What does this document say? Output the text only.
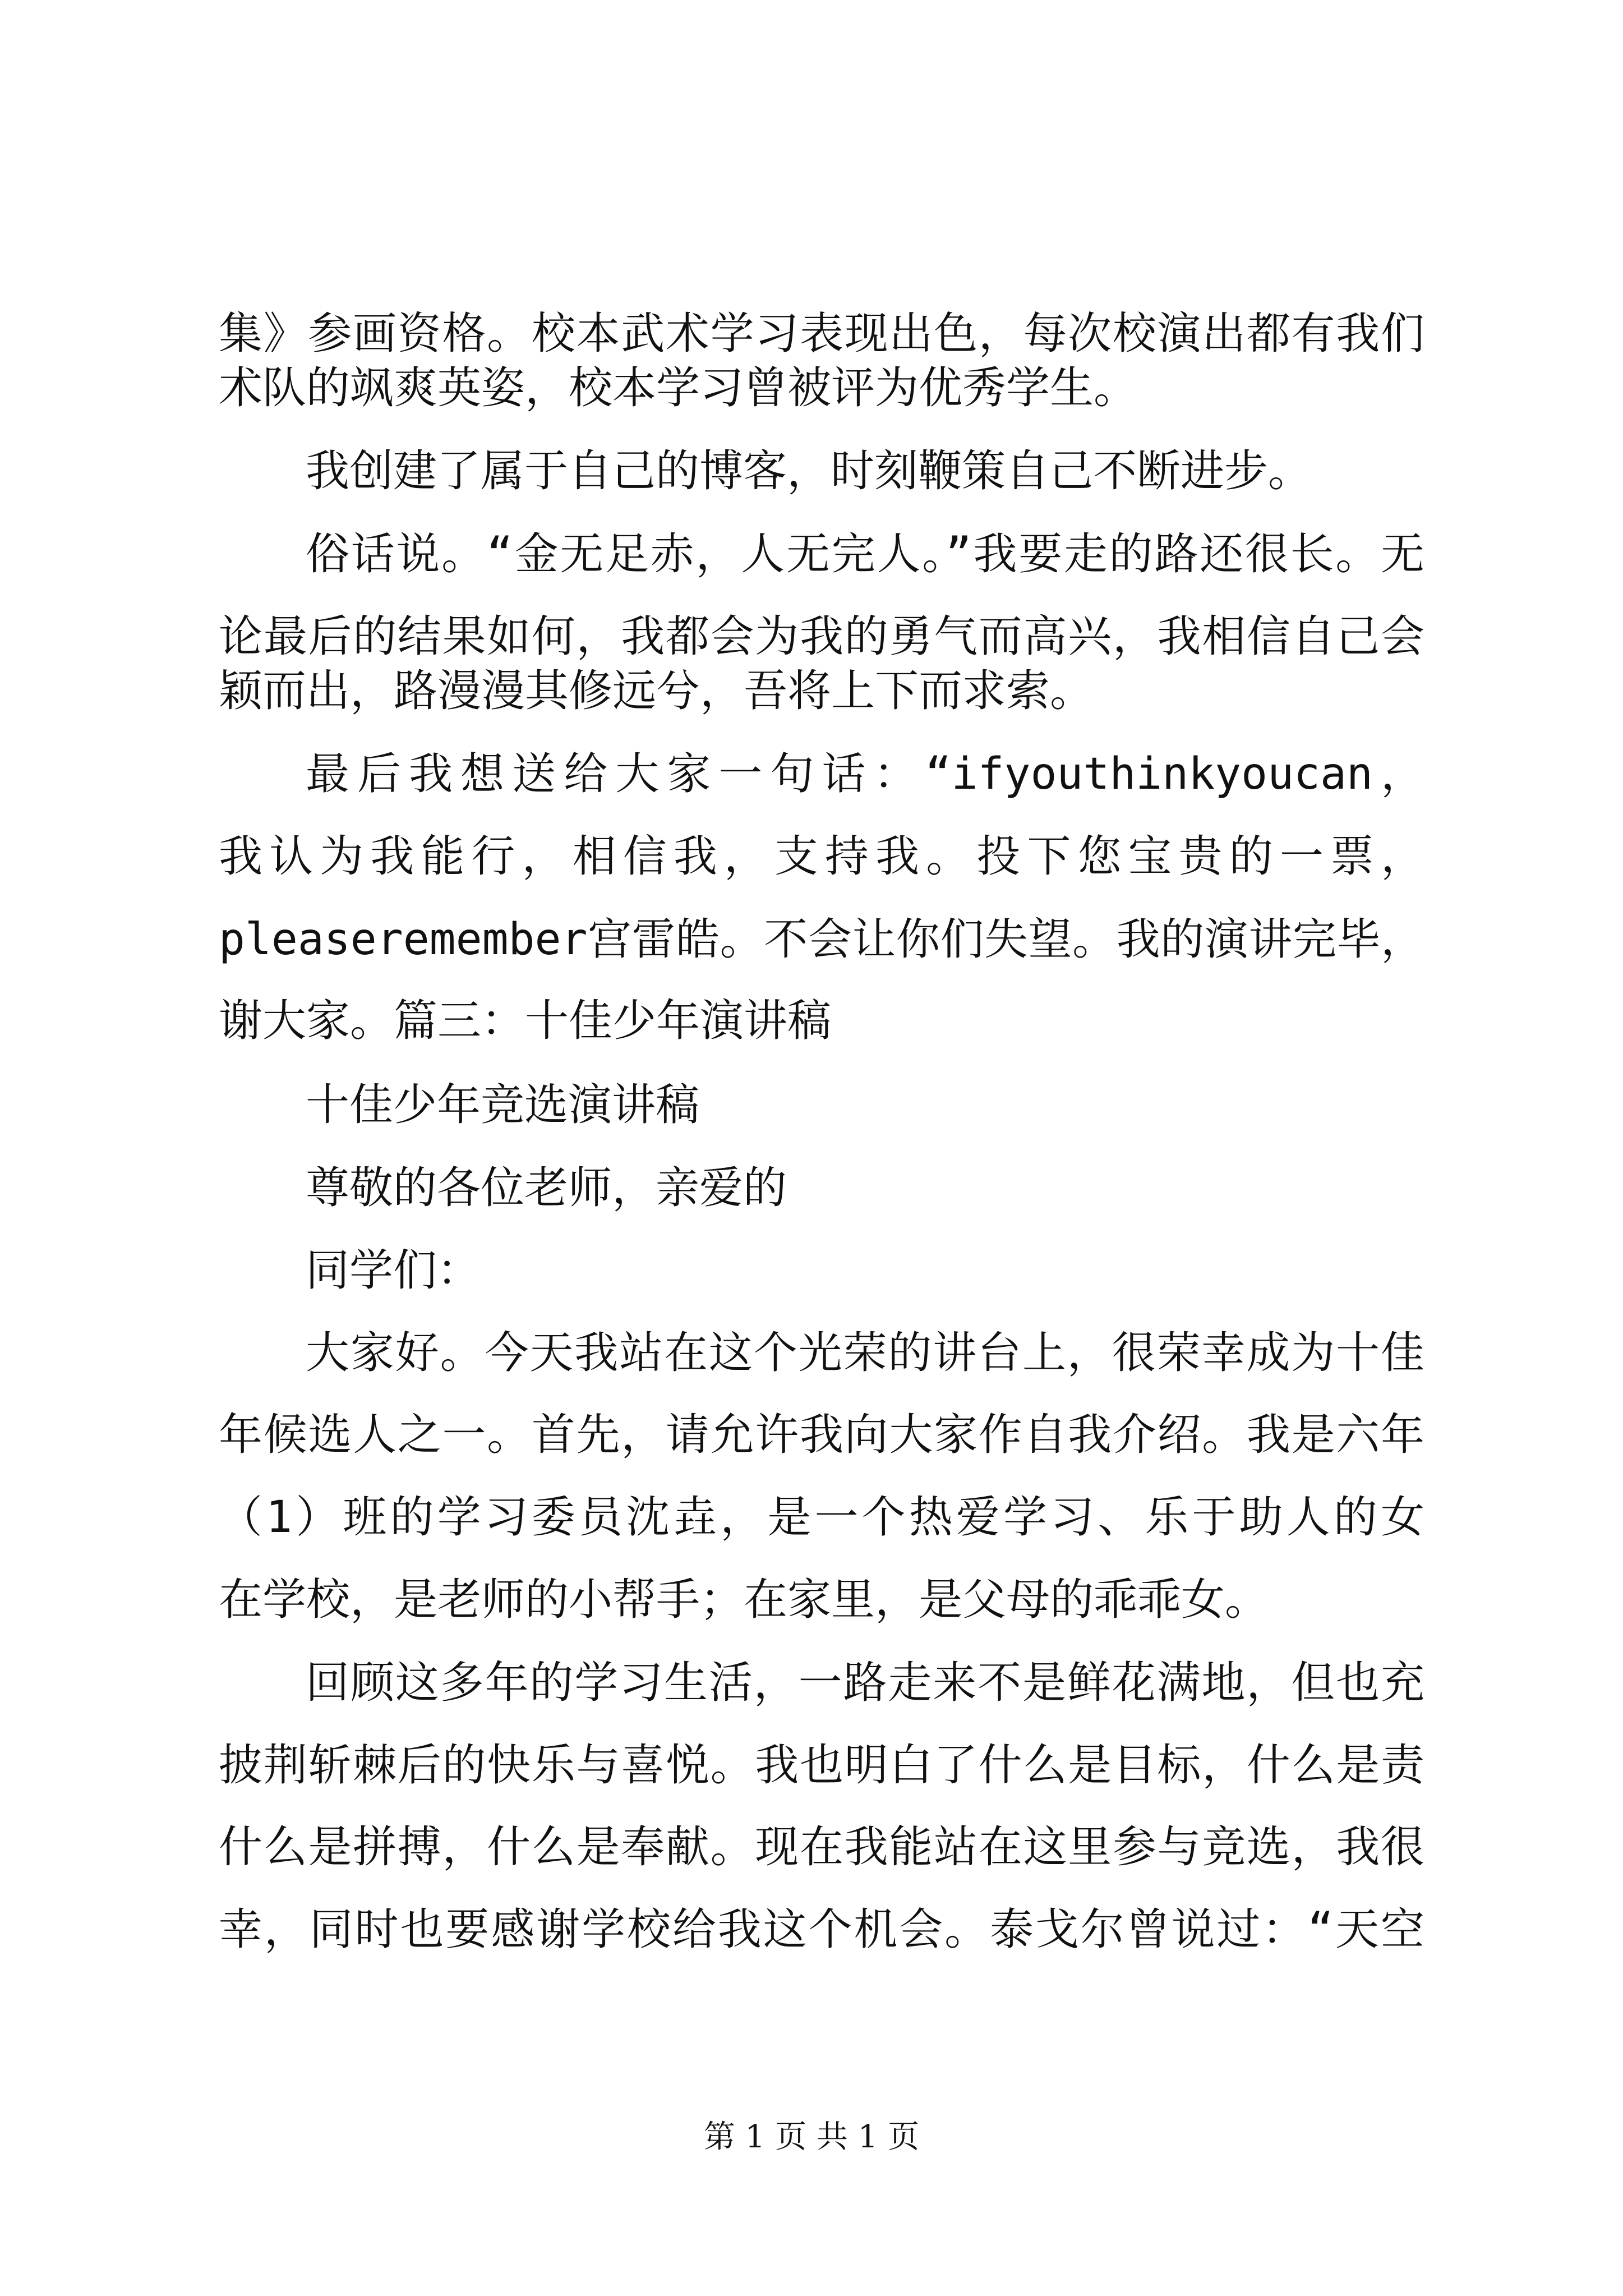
集》参画资格。校本武术学习表现出色，每次校演出都有我们

术队的飒爽英姿，校本学习曾被评为优秀学生。

我创建了属于自己的博客，时刻鞭策自己不断进步。

俗话说。“金无足赤，人无完人。”我要走的路还很长。无

论最后的结果如何，我都会为我的勇气而高兴，我相信自己会

颖而出，路漫漫其修远兮，吾将上下而求索。

最后我想送给大家一句话：“ifyouthinkyoucan，

我认为我能行，相信我，支持我。投下您宝贵的一票，

pleaseremember宫雷皓。不会让你们失望。我的演讲完毕，

谢大家。篇三：十佳少年演讲稿

十佳少年竞选演讲稿

尊敬的各位老师，亲爱的

同学们：

大家好。今天我站在这个光荣的讲台上，很荣幸成为十佳

年候选人之一。首先，请允许我向大家作自我介绍。我是六年

（1）班的学习委员沈垚，是一个热爱学习、乐于助人的女

在学校，是老师的小帮手；在家里，是父母的乖乖女。

回顾这多年的学习生活，一路走来不是鲜花满地，但也充

披荆斩棘后的快乐与喜悦。我也明白了什么是目标，什么是责

什么是拼搏，什么是奉献。现在我能站在这里参与竞选，我很

幸，同时也要感谢学校给我这个机会。泰戈尔曾说过：“天空

第 1 页 共 1 页
